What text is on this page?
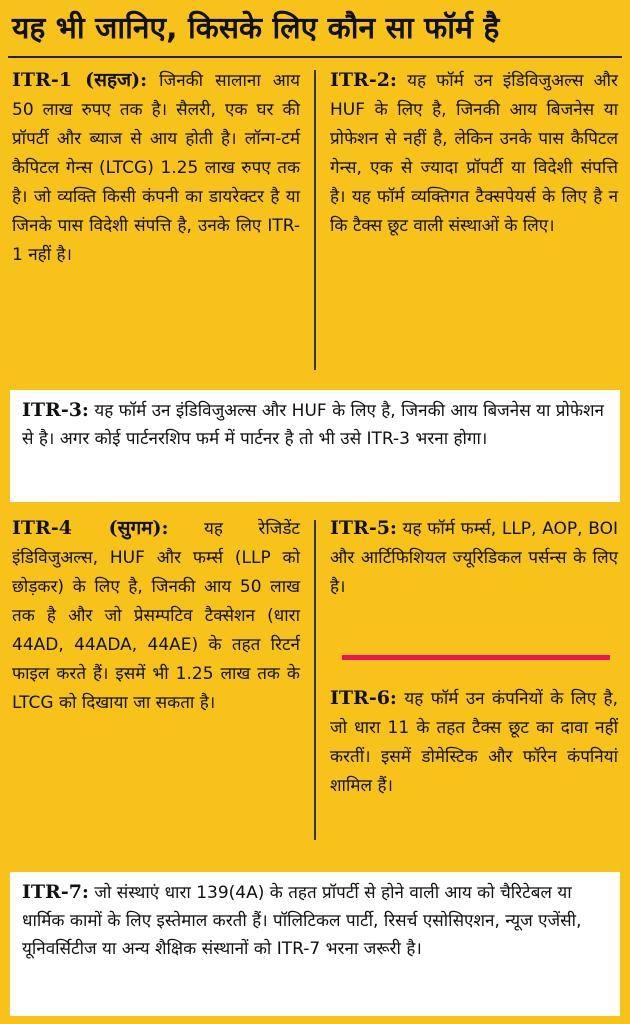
यह भी जानिए, किसके लिए कौन सा फॉर्म है
ITR-1 (सहज): जिनकी सालाना आय 50 लाख रुपए तक है। सैलरी, एक घर की प्रॉपर्टी और ब्याज से आय होती है। लॉन्ग-टर्म कैपिटल गेन्स (LTCG) 1.25 लाख रुपए तक है। जो व्यक्ति किसी कंपनी का डायरेक्टर है या जिनके पास विदेशी संपत्ति है, उनके लिए ITR-1 नहीं है।
ITR-2: यह फॉर्म उन इंडिविजुअल्स और HUF के लिए है, जिनकी आय बिजनेस या प्रोफेशन से नहीं है, लेकिन उनके पास कैपिटल गेन्स, एक से ज्यादा प्रॉपर्टी या विदेशी संपत्ति है। यह फॉर्म व्यक्तिगत टैक्सपेयर्स के लिए है न कि टैक्स छूट वाली संस्थाओं के लिए।
ITR-3: यह फॉर्म उन इंडिविजुअल्स और HUF के लिए है, जिनकी आय बिजनेस या प्रोफेशन से है। अगर कोई पार्टनरशिप फर्म में पार्टनर है तो भी उसे ITR-3 भरना होगा।
ITR-4 (सुगम): यह रेजिडेंट इंडिविजुअल्स, HUF और फर्म्स (LLP को छोड़कर) के लिए है, जिनकी आय 50 लाख तक है और जो प्रेसम्पटिव टैक्सेशन (धारा 44AD, 44ADA, 44AE) के तहत रिटर्न फाइल करते हैं। इसमें भी 1.25 लाख तक के LTCG को दिखाया जा सकता है।
ITR-5: यह फॉर्म फर्म्स, LLP, AOP, BOI और आर्टिफिशियल ज्यूरिडिकल पर्सन्स के लिए है।
ITR-6: यह फॉर्म उन कंपनियों के लिए है, जो धारा 11 के तहत टैक्स छूट का दावा नहीं करतीं। इसमें डोमेस्टिक और फॉरेन कंपनियां शामिल हैं।
ITR-7: जो संस्थाएं धारा 139(4A) के तहत प्रॉपर्टी से होने वाली आय को चैरिटेबल या धार्मिक कामों के लिए इस्तेमाल करती हैं। पॉलिटिकल पार्टी, रिसर्च एसोसिएशन, न्यूज एजेंसी, यूनिवर्सिटीज या अन्य शैक्षिक संस्थानों को ITR-7 भरना जरूरी है।
